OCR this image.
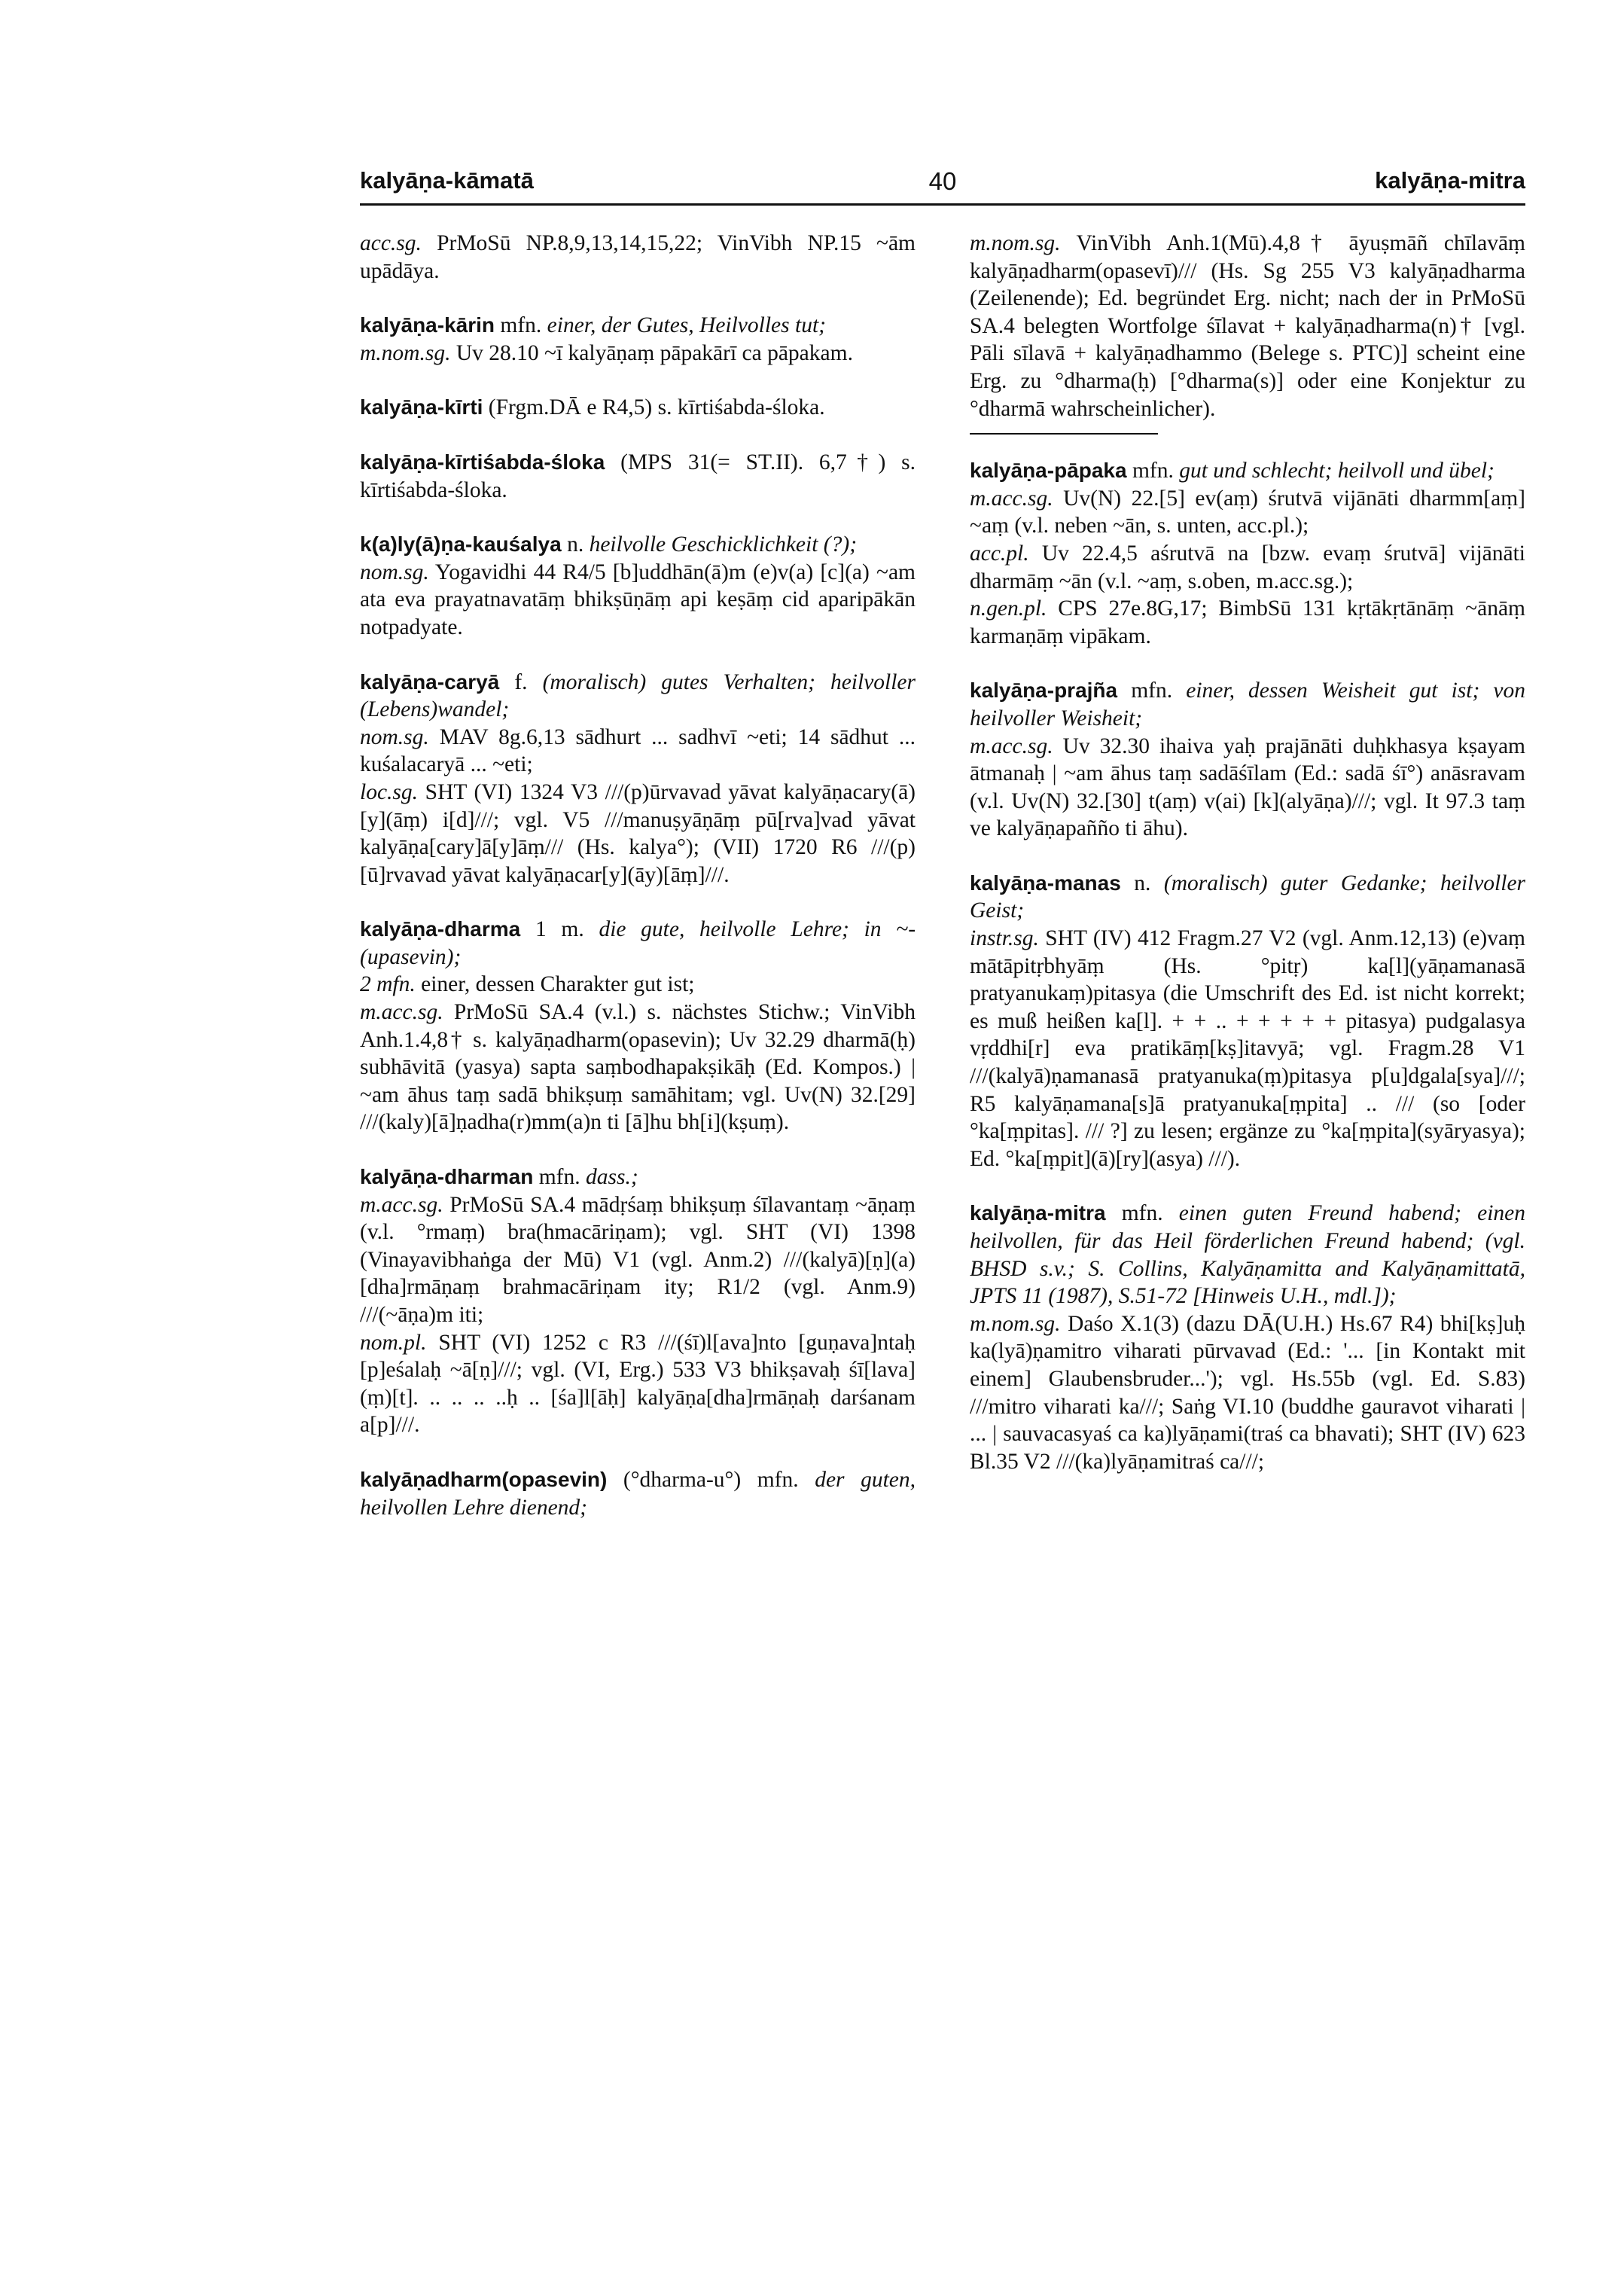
kalyāṇa-kāmatā	40	kalyāṇa-mitra

acc.sg. PrMoSū NP.8,9,13,14,15,22; VinVibh NP.15 ~ām upādāya.

kalyāṇa-kārin mfn. einer, der Gutes, Heilvolles tut;

m.nom.sg. Uv 28.10 ~ī kalyāṇaṃ pāpakārī ca pāpakam.

kalyāṇa-kīrti (Frgm.DĀ e R4,5) s. kīrtiśabda-śloka.

kalyāṇa-kīrtiśabda-śloka (MPS 31(= ST.II). 6,7†) s. kīrtiśabda-śloka.

k(a)ly(ā)ṇa-kauśalya n. heilvolle Geschicklichkeit (?);

nom.sg. Yogavidhi 44 R4/5 [b]uddhān(ā)m (e)v(a) [c](a) ~am ata eva prayatnavatāṃ bhikṣūṇāṃ api keṣāṃ cid aparipākān notpadyate.

kalyāṇa-caryā f. (moralisch) gutes Verhalten; heilvoller (Lebens)wandel;

nom.sg. MAV 8g.6,13 sādhurt ... sadhvī ~eti; 14 sādhut ... kuśalacaryā ... ~eti;

loc.sg. SHT (VI) 1324 V3 ///(p)ūrvavad yāvat kalyāṇacary(ā)[y](āṃ) i[d]///; vgl. V5 ///manuṣyāṇāṃ pū[rva]vad yāvat kalyāṇa[cary]ā[y]āṃ/// (Hs. kalya°); (VII) 1720 R6 ///(p)[ū]rvavad yāvat kalyāṇacar[y](āy)[āṃ]///.

kalyāṇa-dharma 1 m. die gute, heilvolle Lehre; in ~-(upasevin);

2 mfn. einer, dessen Charakter gut ist;

m.acc.sg. PrMoSū SA.4 (v.l.) s. nächstes Stichw.; VinVibh Anh.1.4,8† s. kalyāṇadharm(opasevin); Uv 32.29 dharmā(ḥ) subhāvitā (yasya) sapta saṃbodhapakṣikāḥ (Ed. Kompos.) | ~am āhus taṃ sadā bhikṣuṃ samāhitam; vgl. Uv(N) 32.[29] ///(kaly)[ā]ṇadha(r)mm(a)n ti [ā]hu bh[i](kṣuṃ).

kalyāṇa-dharman mfn. dass.;

m.acc.sg. PrMoSū SA.4 mādṛśaṃ bhikṣuṃ śīlavantaṃ ~āṇaṃ (v.l. °rmaṃ) bra(hmacāriṇam); vgl. SHT (VI) 1398 (Vinayavibhaṅga der Mū) V1 (vgl. Anm.2) ///(kalyā)[ṇ](a)[dha]rmāṇaṃ brahmacāriṇam ity; R1/2 (vgl. Anm.9) ///(~āṇa)m iti;

nom.pl. SHT (VI) 1252 c R3 ///(śī)l[ava]nto [guṇava]ntaḥ [p]eśalaḥ ~ā[ṇ]///; vgl. (VI, Erg.) 533 V3 bhikṣavaḥ śī[lava](ṃ)[t]. .. .. .. ..ḥ .. [śa]l[āḥ] kalyāṇa[dha]rmāṇaḥ darśanam a[p]///.

kalyāṇadharm(opasevin) (°dharma-u°) mfn. der guten, heilvollen Lehre dienend;

m.nom.sg. VinVibh Anh.1(Mū).4,8† āyuṣmāñ chīlavāṃ kalyāṇadharm(opasevī)/// (Hs. Sg 255 V3 kalyāṇadharma (Zeilenende); Ed. begründet Erg. nicht; nach der in PrMoSū SA.4 belegten Wortfolge śīlavat + kalyāṇadharma(n)† [vgl. Pāli sīlavā + kalyāṇadhammo (Belege s. PTC)] scheint eine Erg. zu °dharma(ḥ) [°dharma(s)] oder eine Konjektur zu °dharmā wahrscheinlicher).

kalyāṇa-pāpaka mfn. gut und schlecht; heilvoll und übel;

m.acc.sg. Uv(N) 22.[5] ev(aṃ) śrutvā vijānāti dharmm[aṃ] ~aṃ (v.l. neben ~ān, s. unten, acc.pl.);

acc.pl. Uv 22.4,5 aśrutvā na [bzw. evaṃ śrutvā] vijānāti dharmāṃ ~ān (v.l. ~aṃ, s.oben, m.acc.sg.);

n.gen.pl. CPS 27e.8G,17; BimbSū 131 kṛtākṛtānāṃ ~ānāṃ karmaṇāṃ vipākam.

kalyāṇa-prajña mfn. einer, dessen Weisheit gut ist; von heilvoller Weisheit;

m.acc.sg. Uv 32.30 ihaiva yaḥ prajānāti duḥkhasya kṣayam ātmanaḥ | ~am āhus taṃ sadāśīlam (Ed.: sadā śī°) anāsravam (v.l. Uv(N) 32.[30] t(aṃ) v(ai) [k](alyāṇa)///; vgl. It 97.3 taṃ ve kalyāṇapañño ti āhu).

kalyāṇa-manas n. (moralisch) guter Gedanke; heilvoller Geist;

instr.sg. SHT (IV) 412 Fragm.27 V2 (vgl. Anm.12,13) (e)vaṃ mātāpitṛbhyāṃ (Hs. °pitṛ) ka[l](yāṇamanasā pratyanukaṃ)pitasya (die Umschrift des Ed. ist nicht korrekt; es muß heißen ka[l]. + + .. + + + + + pitasya) pudgalasya vṛddhi[r] eva pratikāṃ[kṣ]itavyā; vgl. Fragm.28 V1 ///(kalyā)ṇamanasā pratyanuka(ṃ)pitasya p[u]dgala[sya]///; R5 kalyāṇamana[s]ā pratyanuka[ṃpita] .. /// (so [oder °ka[ṃpitas]. /// ?] zu lesen; ergänze zu °ka[ṃpita](syāryasya); Ed. °ka[ṃpit](ā)[ry](asya) ///).

kalyāṇa-mitra mfn. einen guten Freund habend; einen heilvollen, für das Heil förderlichen Freund habend; (vgl. BHSD s.v.; S. Collins, Kalyāṇamitta and Kalyāṇamittatā, JPTS 11 (1987), S.51-72 [Hinweis U.H., mdl.]);

m.nom.sg. Daśo X.1(3) (dazu DĀ(U.H.) Hs.67 R4) bhi[kṣ]uḥ ka(lyā)ṇamitro viharati pūrvavad (Ed.: '... [in Kontakt mit einem] Glaubensbruder...'); vgl. Hs.55b (vgl. Ed. S.83) ///mitro viharati ka///; Saṅg VI.10 (buddhe gauravot viharati | ... | sauvacasyaś ca ka)lyāṇami(traś ca bhavati); SHT (IV) 623 Bl.35 V2 ///(ka)lyāṇamitraś ca///;
